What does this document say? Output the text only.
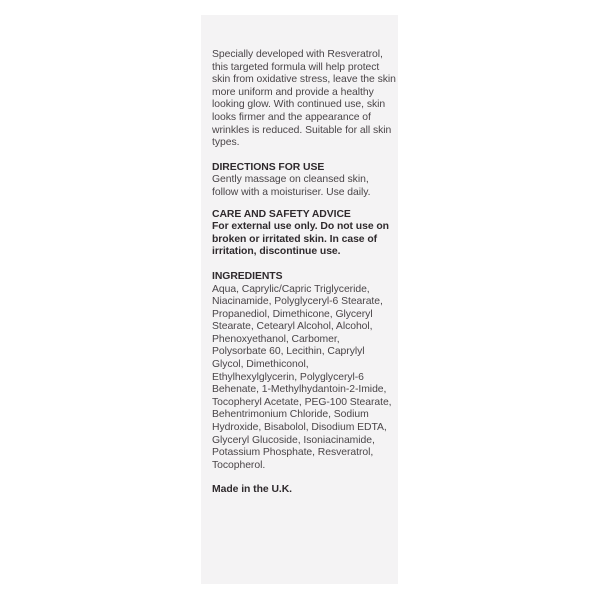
Specially developed with Resveratrol, this targeted formula will help protect skin from oxidative stress, leave the skin more uniform and provide a healthy looking glow. With continued use, skin looks firmer and the appearance of wrinkles is reduced. Suitable for all skin types.

DIRECTIONS FOR USE

Gently massage on cleansed skin, follow with a moisturiser. Use daily.

CARE AND SAFETY ADVICE

For external use only. Do not use on broken or irritated skin. In case of irritation, discontinue use.

INGREDIENTS

Aqua, Caprylic/Capric Triglyceride, Niacinamide, Polyglyceryl-6 Stearate, Propanediol, Dimethicone, Glyceryl Stearate, Cetearyl Alcohol, Alcohol, Phenoxyethanol, Carbomer, Polysorbate 60, Lecithin, Caprylyl Glycol, Dimethiconol, Ethylhexylglycerin, Polyglyceryl-6 Behenate, 1-Methylhydantoin-2-Imide, Tocopheryl Acetate, PEG-100 Stearate, Behentrimonium Chloride, Sodium Hydroxide, Bisabolol, Disodium EDTA, Glyceryl Glucoside, Isoniacinamide, Potassium Phosphate, Resveratrol, Tocopherol.

Made in the U.K.
